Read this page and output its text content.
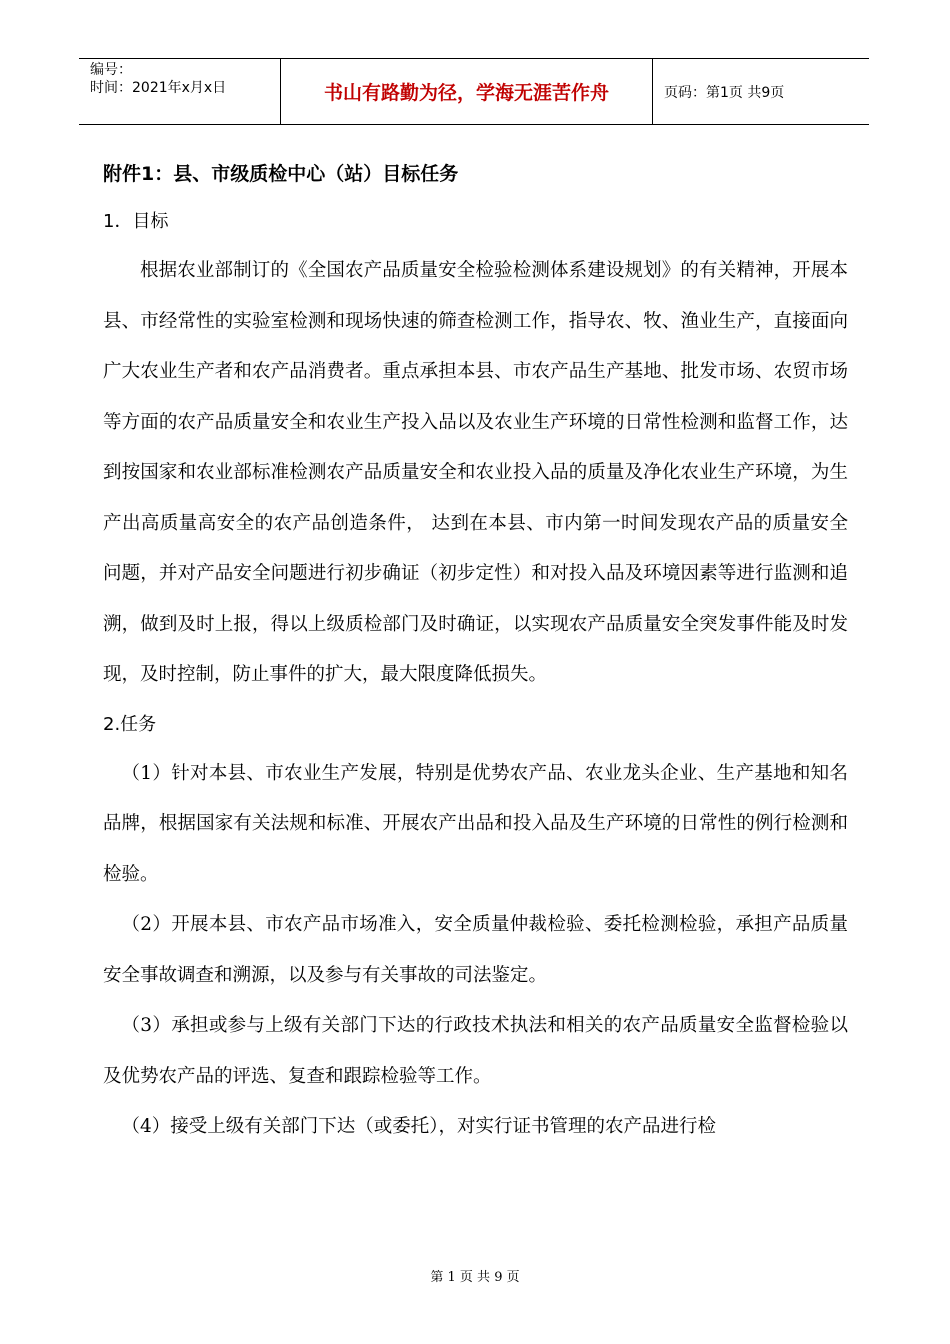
编号：
时间：2021年x月x日	书山有路勤为径，学海无涯苦作舟	页码：第1页 共9页
附件1：县、市级质检中心（站）目标任务
1．目标

根据农业部制订的《全国农产品质量安全检验检测体系建设规划》的有关精神，开展本县、市经常性的实验室检测和现场快速的筛查检测工作，指导农、牧、渔业生产，直接面向广大农业生产者和农产品消费者。重点承担本县、市农产品生产基地、批发市场、农贸市场等方面的农产品质量安全和农业生产投入品以及农业生产环境的日常性检测和监督工作，达到按国家和农业部标准检测农产品质量安全和农业投入品的质量及净化农业生产环境，为生产出高质量高安全的农产品创造条件， 达到在本县、市内第一时间发现农产品的质量安全问题，并对产品安全问题进行初步确证（初步定性）和对投入品及环境因素等进行监测和追溯，做到及时上报，得以上级质检部门及时确证，以实现农产品质量安全突发事件能及时发现，及时控制，防止事件的扩大，最大限度降低损失。

2.任务

（1）针对本县、市农业生产发展，特别是优势农产品、农业龙头企业、生产基地和知名品牌，根据国家有关法规和标准、开展农产出品和投入品及生产环境的日常性的例行检测和检验。

（2）开展本县、市农产品市场准入，安全质量仲裁检验、委托检测检验，承担产品质量安全事故调查和溯源，以及参与有关事故的司法鉴定。

（3）承担或参与上级有关部门下达的行政技术执法和相关的农产品质量安全监督检验以及优势农产品的评选、复查和跟踪检验等工作。

（4）接受上级有关部门下达（或委托），对实行证书管理的农产品进行检

第 1 页 共 9 页
